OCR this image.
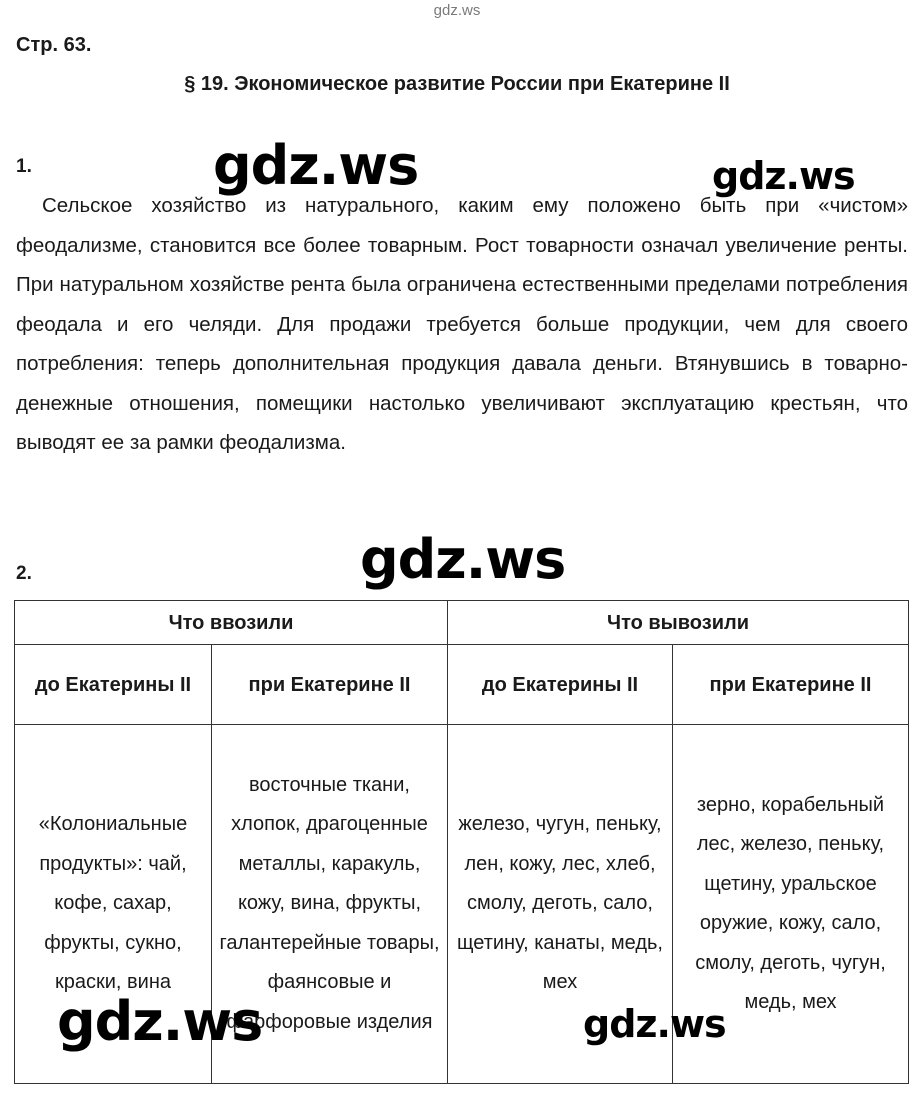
gdz.ws
Стр. 63.
§ 19. Экономическое развитие России при Екатерине II
1.

Сельское хозяйство из натурального, каким ему положено быть при «чистом» феодализме, становится все более товарным. Рост товарности означал увеличение ренты. При натуральном хозяйстве рента была ограничена естественными пределами потребления феодала и его челяди. Для продажи требуется больше продукции, чем для своего потребления: теперь дополнительная продукция давала деньги. Втянувшись в товарно-денежные отношения, помещики настолько увеличивают эксплуатацию крестьян, что выводят ее за рамки феодализма.

2.
Что ввозили		Что вывозили	
до Екатерины II	при Екатерине II	до Екатерины II	при Екатерине II
«Колониальные продукты»: чай, кофе, сахар, фрукты, сукно, краски, вина	восточные ткани, хлопок, драгоценные металлы, каракуль, кожу, вина, фрукты, галантерейные товары, фаянсовые и фарфоровые изделия	железо, чугун, пеньку, лен, кожу, лес, хлеб, смолу, деготь, сало, щетину, канаты, медь, мех	зерно, корабельный лес, железо, пеньку, щетину, уральское оружие, кожу, сало, смолу, деготь, чугун, медь, мех
gdz.ws	gdz.ws
gdz.ws
gdz.ws	gdz.ws
